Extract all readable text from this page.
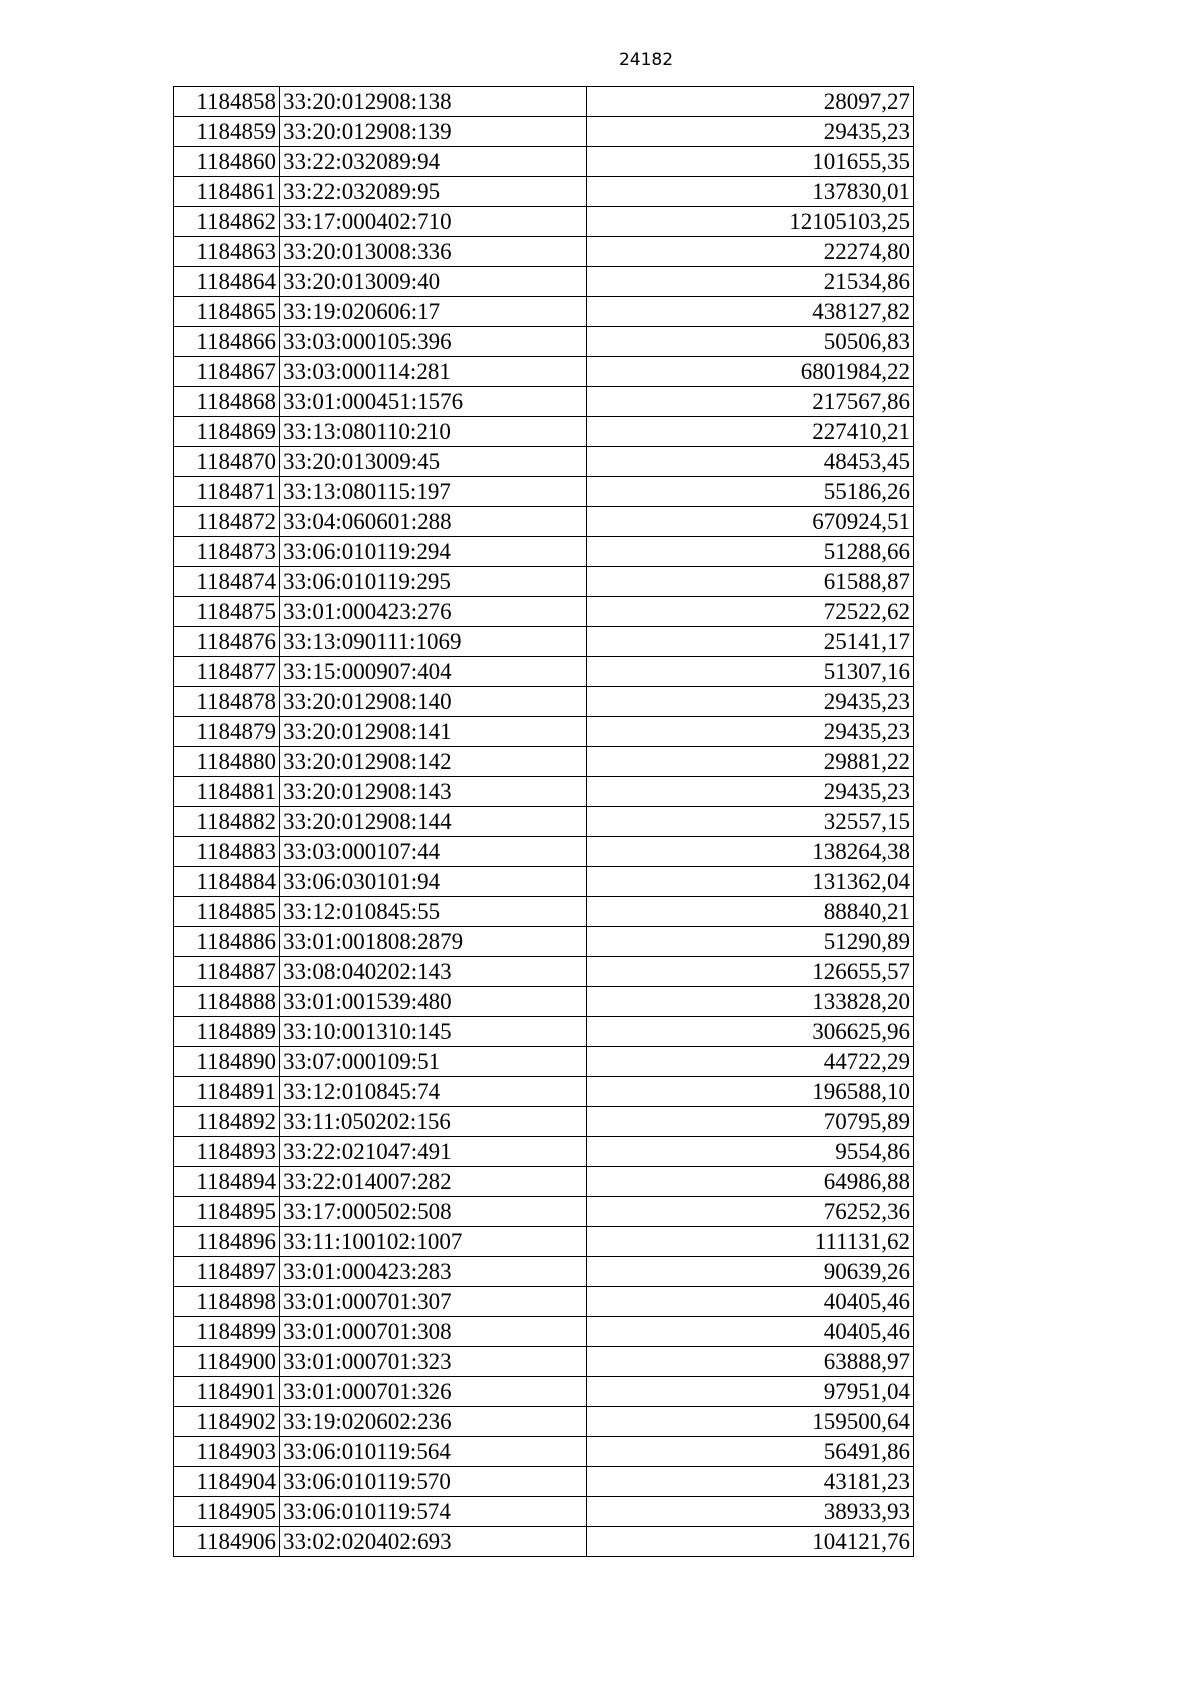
24182
1184858	33:20:012908:138	28097,27
1184859	33:20:012908:139	29435,23
1184860	33:22:032089:94	101655,35
1184861	33:22:032089:95	137830,01
1184862	33:17:000402:710	12105103,25
1184863	33:20:013008:336	22274,80
1184864	33:20:013009:40	21534,86
1184865	33:19:020606:17	438127,82
1184866	33:03:000105:396	50506,83
1184867	33:03:000114:281	6801984,22
1184868	33:01:000451:1576	217567,86
1184869	33:13:080110:210	227410,21
1184870	33:20:013009:45	48453,45
1184871	33:13:080115:197	55186,26
1184872	33:04:060601:288	670924,51
1184873	33:06:010119:294	51288,66
1184874	33:06:010119:295	61588,87
1184875	33:01:000423:276	72522,62
1184876	33:13:090111:1069	25141,17
1184877	33:15:000907:404	51307,16
1184878	33:20:012908:140	29435,23
1184879	33:20:012908:141	29435,23
1184880	33:20:012908:142	29881,22
1184881	33:20:012908:143	29435,23
1184882	33:20:012908:144	32557,15
1184883	33:03:000107:44	138264,38
1184884	33:06:030101:94	131362,04
1184885	33:12:010845:55	88840,21
1184886	33:01:001808:2879	51290,89
1184887	33:08:040202:143	126655,57
1184888	33:01:001539:480	133828,20
1184889	33:10:001310:145	306625,96
1184890	33:07:000109:51	44722,29
1184891	33:12:010845:74	196588,10
1184892	33:11:050202:156	70795,89
1184893	33:22:021047:491	9554,86
1184894	33:22:014007:282	64986,88
1184895	33:17:000502:508	76252,36
1184896	33:11:100102:1007	111131,62
1184897	33:01:000423:283	90639,26
1184898	33:01:000701:307	40405,46
1184899	33:01:000701:308	40405,46
1184900	33:01:000701:323	63888,97
1184901	33:01:000701:326	97951,04
1184902	33:19:020602:236	159500,64
1184903	33:06:010119:564	56491,86
1184904	33:06:010119:570	43181,23
1184905	33:06:010119:574	38933,93
1184906	33:02:020402:693	104121,76
